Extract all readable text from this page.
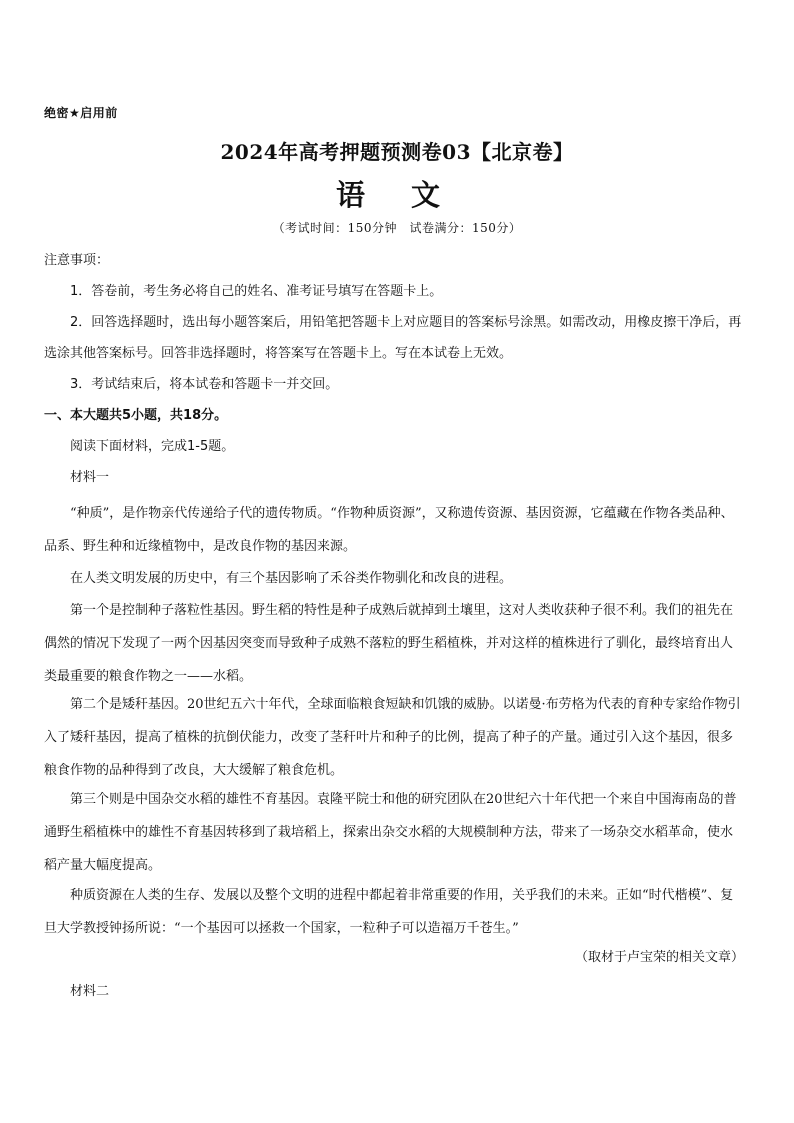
绝密★启用前
2024年高考押题预测卷03【北京卷】
语 文
（考试时间：150分钟　试卷满分：150分）

注意事项：

1．答卷前，考生务必将自己的姓名、准考证号填写在答题卡上。

2．回答选择题时，选出每小题答案后，用铅笔把答题卡上对应题目的答案标号涂黑。如需改动，用橡皮擦干净后，再选涂其他答案标号。回答非选择题时，将答案写在答题卡上。写在本试卷上无效。

3．考试结束后，将本试卷和答题卡一并交回。

一、本大题共5小题，共18分。

阅读下面材料，完成1-5题。

材料一

“种质”，是作物亲代传递给子代的遗传物质。“作物种质资源”，又称遗传资源、基因资源，它蕴藏在作物各类品种、品系、野生种和近缘植物中，是改良作物的基因来源。

在人类文明发展的历史中，有三个基因影响了禾谷类作物驯化和改良的进程。

第一个是控制种子落粒性基因。野生稻的特性是种子成熟后就掉到土壤里，这对人类收获种子很不利。我们的祖先在偶然的情况下发现了一两个因基因突变而导致种子成熟不落粒的野生稻植株，并对这样的植株进行了驯化，最终培育出人类最重要的粮食作物之一——水稻。

第二个是矮秆基因。20世纪五六十年代，全球面临粮食短缺和饥饿的威胁。以诺曼·布劳格为代表的育种专家给作物引入了矮秆基因，提高了植株的抗倒伏能力，改变了茎秆叶片和种子的比例，提高了种子的产量。通过引入这个基因，很多粮食作物的品种得到了改良，大大缓解了粮食危机。

第三个则是中国杂交水稻的雄性不育基因。袁隆平院士和他的研究团队在20世纪六十年代把一个来自中国海南岛的普通野生稻植株中的雄性不育基因转移到了栽培稻上，探索出杂交水稻的大规模制种方法，带来了一场杂交水稻革命，使水稻产量大幅度提高。

种质资源在人类的生存、发展以及整个文明的进程中都起着非常重要的作用，关乎我们的未来。正如“时代楷模”、复旦大学教授钟扬所说：“一个基因可以拯救一个国家，一粒种子可以造福万千苍生。”

（取材于卢宝荣的相关文章）

材料二
